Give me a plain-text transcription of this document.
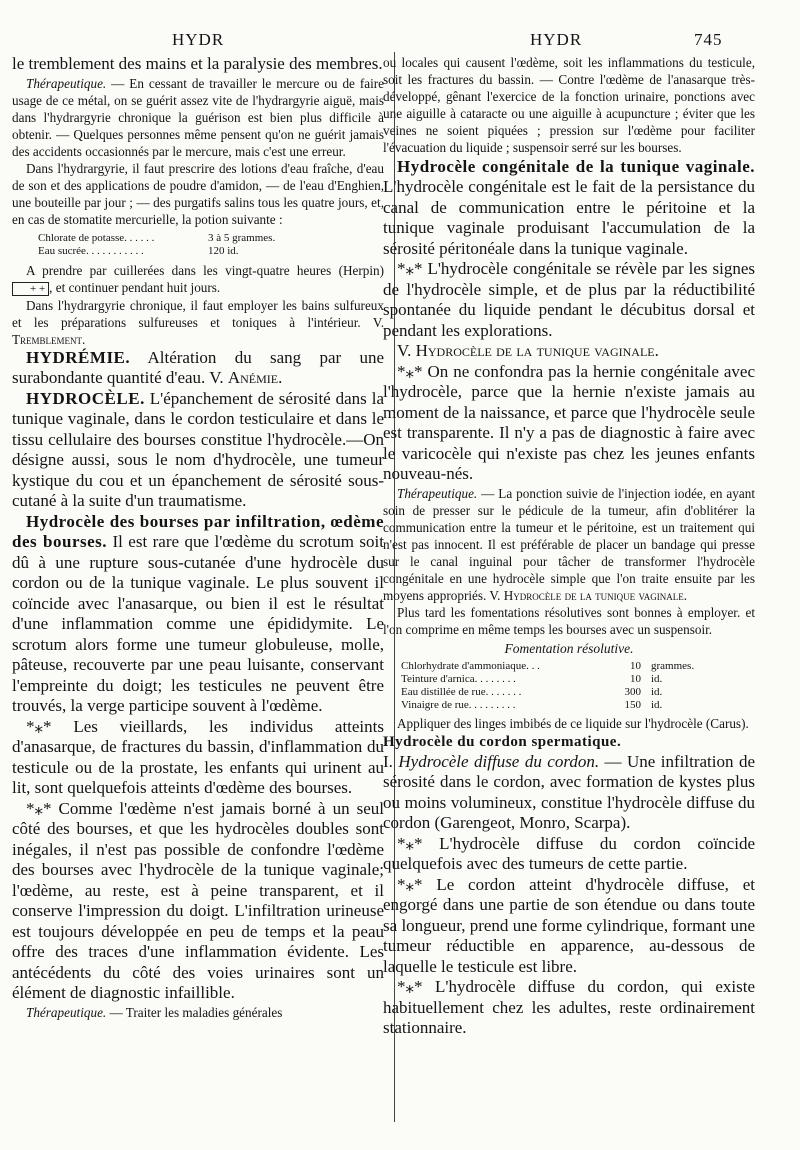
HYDR	HYDR	745

le tremblement des mains et la paralysie des membres.

Thérapeutique. — En cessant de travailler le mercure ou de faire usage de ce métal, on se guérit assez vite de l'hydrargyrie aiguë, mais dans l'hydrargyrie chronique la guérison est bien plus difficile à obtenir. — Quelques personnes même pensent qu'on ne guérit jamais des accidents occasionnés par le mercure, mais c'est une erreur.

Dans l'hydrargyrie, il faut prescrire des lotions d'eau fraîche, d'eau de son et des applications de poudre d'amidon, — de l'eau d'Enghien, une bouteille par jour ; — des purgatifs salins tous les quatre jours, et, en cas de stomatite mercurielle, la potion suivante :

Chlorate de potasse. . . . . .	3 à 5 grammes.
Eau sucrée. . . . . . . . . . .	120 id.

A prendre par cuillerées dans les vingt-quatre heures (Herpin) + + , et continuer pendant huit jours.

Dans l'hydrargyrie chronique, il faut employer les bains sulfureux et les préparations sulfureuses et toniques à l'intérieur. V. Tremblement.

HYDRÉMIE. Altération du sang par une surabondante quantité d'eau. V. Anémie.

HYDROCÈLE. L'épanchement de sérosité dans la tunique vaginale, dans le cordon testiculaire et dans le tissu cellulaire des bourses constitue l'hydrocèle.—On désigne aussi, sous le nom d'hydrocèle, une tumeur kystique du cou et un épanchement de sérosité sous-cutané à la suite d'un traumatisme.

Hydrocèle des bourses par infiltration, œdème des bourses. Il est rare que l'œdème du scrotum soit dû à une rupture sous-cutanée d'une hydrocèle du cordon ou de la tunique vaginale. Le plus souvent il coïncide avec l'anasarque, ou bien il est le résultat d'une inflammation comme une épididymite. Le scrotum alors forme une tumeur globuleuse, molle, pâteuse, recouverte par une peau luisante, conservant l'empreinte du doigt; les testicules ne peuvent être trouvés, la verge participe souvent à l'œdème.

*⁎* Les vieillards, les individus atteints d'anasarque, de fractures du bassin, d'inflammation du testicule ou de la prostate, les enfants qui urinent au lit, sont quelquefois atteints d'œdème des bourses.

*⁎* Comme l'œdème n'est jamais borné à un seul côté des bourses, et que les hydrocèles doubles sont inégales, il n'est pas possible de confondre l'œdème des bourses avec l'hydrocèle de la tunique vaginale; l'œdème, au reste, est à peine transparent, et il conserve l'impression du doigt. L'infiltration urineuse est toujours développée en peu de temps et la peau offre des traces d'une inflammation évidente. Les antécédents du côté des voies urinaires sont un élément de diagnostic infaillible.

Thérapeutique. — Traiter les maladies générales

ou locales qui causent l'œdème, soit les inflammations du testicule, soit les fractures du bassin. — Contre l'œdème de l'anasarque très-développé, gênant l'exercice de la fonction urinaire, ponctions avec une aiguille à cataracte ou une aiguille à acupuncture ; éviter que les veines ne soient piquées ; pression sur l'œdème pour faciliter l'évacuation du liquide ; suspensoir serré sur les bourses.

Hydrocèle congénitale de la tunique vaginale. L'hydrocèle congénitale est le fait de la persistance du canal de communication entre le péritoine et la tunique vaginale produisant l'accumulation de la sérosité péritonéale dans la tunique vaginale.

*⁎* L'hydrocèle congénitale se révèle par les signes de l'hydrocèle simple, et de plus par la réductibilité spontanée du liquide pendant le décubitus dorsal et pendant les explorations.

V. Hydrocèle de la tunique vaginale.

*⁎* On ne confondra pas la hernie congénitale avec l'hydrocèle, parce que la hernie n'existe jamais au moment de la naissance, et parce que l'hydrocèle seule est transparente. Il n'y a pas de diagnostic à faire avec le varicocèle qui n'existe pas chez les jeunes enfants nouveau-nés.

Thérapeutique. — La ponction suivie de l'injection iodée, en ayant soin de presser sur le pédicule de la tumeur, afin d'oblitérer la communication entre la tumeur et le péritoine, est un traitement qui n'est pas innocent. Il est préférable de placer un bandage qui presse sur le canal inguinal pour tâcher de transformer l'hydrocèle congénitale en une hydrocèle simple que l'on traite ensuite par les moyens appropriés. V. Hydrocèle de la tunique vaginale.

Plus tard les fomentations résolutives sont bonnes à employer. et l'on comprime en même temps les bourses avec un suspensoir.

Fomentation résolutive.

Chlorhydrate d'ammoniaque. . .	10 grammes.
Teinture d'arnica. . . . . . . .	10 id.
Eau distillée de rue. . . . . . .	300 id.
Vinaigre de rue. . . . . . . . .	150 id.

Appliquer des linges imbibés de ce liquide sur l'hydrocèle (Carus).

Hydrocèle du cordon spermatique.

I. Hydrocèle diffuse du cordon. — Une infiltration de sérosité dans le cordon, avec formation de kystes plus ou moins volumineux, constitue l'hydrocèle diffuse du cordon (Garengeot, Monro, Scarpa).

*⁎* L'hydrocèle diffuse du cordon coïncide quelquefois avec des tumeurs de cette partie.

*⁎* Le cordon atteint d'hydrocèle diffuse, et engorgé dans une partie de son étendue ou dans toute sa longueur, prend une forme cylindrique, formant une tumeur réductible en apparence, au-dessous de laquelle le testicule est libre.

*⁎* L'hydrocèle diffuse du cordon, qui existe habituellement chez les adultes, reste ordinairement stationnaire.
